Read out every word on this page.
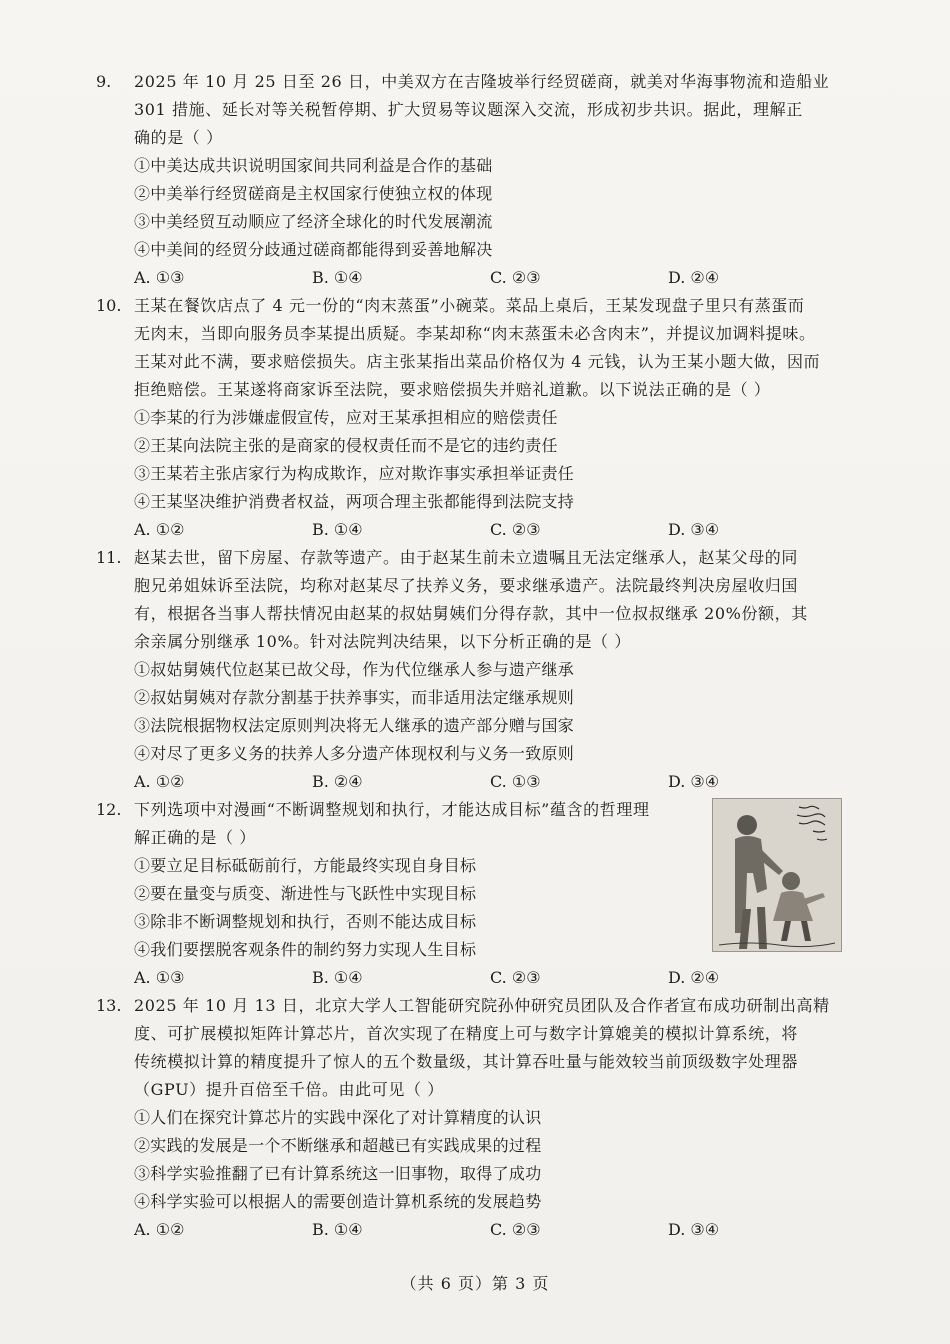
9.	2025 年 10 月 25 日至 26 日，中美双方在吉隆坡举行经贸磋商，就美对华海事物流和造船业
301 措施、延长对等关税暂停期、扩大贸易等议题深入交流，形成初步共识。据此，理解正
确的是（ ）
①中美达成共识说明国家间共同利益是合作的基础
②中美举行经贸磋商是主权国家行使独立权的体现
③中美经贸互动顺应了经济全球化的时代发展潮流
④中美间的经贸分歧通过磋商都能得到妥善地解决
A. ①③	B. ①④	C. ②③	D. ②④
10. 王某在餐饮店点了 4 元一份的“肉末蒸蛋”小碗菜。菜品上桌后，王某发现盘子里只有蒸蛋而
无肉末，当即向服务员李某提出质疑。李某却称“肉末蒸蛋未必含肉末”，并提议加调料提味。
王某对此不满，要求赔偿损失。店主张某指出菜品价格仅为 4 元钱，认为王某小题大做，因而
拒绝赔偿。王某遂将商家诉至法院，要求赔偿损失并赔礼道歉。以下说法正确的是（ ）
①李某的行为涉嫌虚假宣传，应对王某承担相应的赔偿责任
②王某向法院主张的是商家的侵权责任而不是它的违约责任
③王某若主张店家行为构成欺诈，应对欺诈事实承担举证责任
④王某坚决维护消费者权益，两项合理主张都能得到法院支持
A. ①②	B. ①④	C. ②③	D. ③④
11. 赵某去世，留下房屋、存款等遗产。由于赵某生前未立遗嘱且无法定继承人，赵某父母的同
胞兄弟姐妹诉至法院，均称对赵某尽了扶养义务，要求继承遗产。法院最终判决房屋收归国
有，根据各当事人帮扶情况由赵某的叔姑舅姨们分得存款，其中一位叔叔继承 20%份额，其
余亲属分别继承 10%。针对法院判决结果，以下分析正确的是（ ）
①叔姑舅姨代位赵某已故父母，作为代位继承人参与遗产继承
②叔姑舅姨对存款分割基于扶养事实，而非适用法定继承规则
③法院根据物权法定原则判决将无人继承的遗产部分赠与国家
④对尽了更多义务的扶养人多分遗产体现权利与义务一致原则
A. ①②	B. ②④	C. ①③	D. ③④
12. 下列选项中对漫画“不断调整规划和执行，才能达成目标”蕴含的哲理理
解正确的是（ ）
①要立足目标砥砺前行，方能最终实现自身目标
②要在量变与质变、渐进性与飞跃性中实现目标
③除非不断调整规划和执行，否则不能达成目标
④我们要摆脱客观条件的制约努力实现人生目标
A. ①③	B. ①④	C. ②③	D. ②④
13. 2025 年 10 月 13 日，北京大学人工智能研究院孙仲研究员团队及合作者宣布成功研制出高精
度、可扩展模拟矩阵计算芯片，首次实现了在精度上可与数字计算媲美的模拟计算系统，将
传统模拟计算的精度提升了惊人的五个数量级，其计算吞吐量与能效较当前顶级数字处理器
（GPU）提升百倍至千倍。由此可见（ ）
①人们在探究计算芯片的实践中深化了对计算精度的认识
②实践的发展是一个不断继承和超越已有实践成果的过程
③科学实验推翻了已有计算系统这一旧事物，取得了成功
④科学实验可以根据人的需要创造计算机系统的发展趋势
A. ①②	B. ①④	C. ②③	D. ③④
（共 6 页）第 3 页
